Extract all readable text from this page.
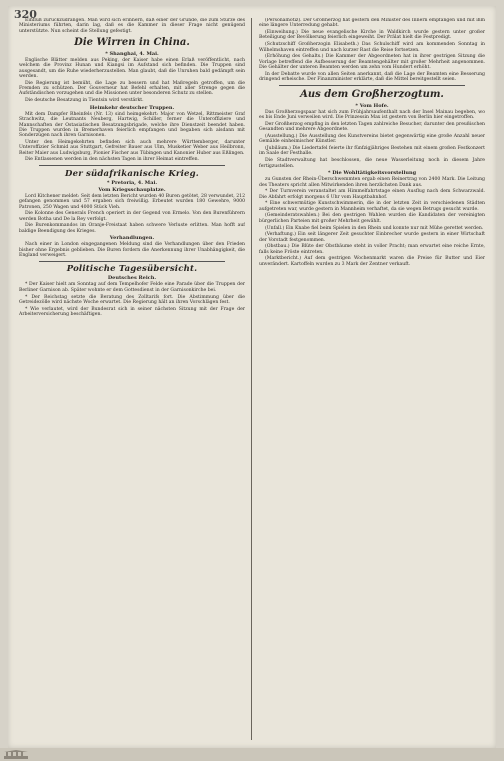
320

Einfluß zurückzudrängen. Man wird sich erinnern, daß einer der Gründe, die zum Sturze des Ministeriums führten, darin lag, daß es die Kammer in dieser Frage nicht genügend unterstützte. Nun scheint die Stellung gefestigt.

Die Wirren in China.
* Shanghai, 4. Mai.

Englische Blätter melden aus Peking, der Kaiser habe einen Erlaß veröffentlicht, nach welchem die Provinz Hunan und Kiangsi im Aufstand sich befinden. Die Truppen sind ausgesandt, um die Ruhe wiederherzustellen. Man glaubt, daß die Unruhen bald gedämpft sein werden.

Die Regierung ist bemüht, die Lage zu bessern und hat Maßregeln getroffen, um die Fremden zu schützen. Der Gouverneur hat Befehl erhalten, mit aller Strenge gegen die Aufständischen vorzugehen und die Missionen unter besonderen Schutz zu stellen.

Die deutsche Besatzung in Tientsin wird verstärkt.

Heimkehr deutscher Truppen.

Mit dem Dampfer Rheinfels (Nr. 13) sind heimgekehrt: Major von Wetzel, Rittmeister Graf Strachwitz, die Leutnants Neuberg, Hartwig, Schiller, ferner die Unteroffiziere und Mannschaften der Ostasiatischen Besatzungsbrigade, welche ihre Dienstzeit beendet haben. Die Truppen wurden in Bremerhaven feierlich empfangen und begaben sich alsdann mit Sonderzügen nach ihren Garnisonen.

Unter den Heimgekehrten befinden sich auch mehrere Württemberger, darunter Unteroffizier Schmid aus Stuttgart, Gefreiter Bauer aus Ulm, Musketier Weber aus Heilbronn, Reiter Maier aus Ludwigsburg, Pionier Fischer aus Tübingen und Kanonier Huber aus Eßlingen.

Die Entlassenen werden in den nächsten Tagen in ihrer Heimat eintreffen.

Der südafrikanische Krieg.
* Pretoria, 4. Mai.
Vom Kriegsschauplatze.

Lord Kitchener meldet: Seit dem letzten Bericht wurden 40 Buren getötet, 28 verwundet, 212 gefangen genommen und 57 ergaben sich freiwillig. Erbeutet wurden 180 Gewehre, 9000 Patronen, 250 Wagen und 4000 Stück Vieh.

Die Kolonne des Generals French operiert in der Gegend von Ermelo. Von den Burenführern werden Botha und De la Rey verfolgt.

Die Burenkommandos im Oranje-Freistaat haben schwere Verluste erlitten. Man hofft auf baldige Beendigung des Krieges.

Verhandlungen.

Nach einer in London eingegangenen Meldung sind die Verhandlungen über den Frieden bisher ohne Ergebnis geblieben. Die Buren fordern die Anerkennung ihrer Unabhängigkeit, die England verweigert.

Politische Tagesübersicht.
Deutsches Reich.

* Der Kaiser hielt am Sonntag auf dem Tempelhofer Felde eine Parade über die Truppen der Berliner Garnison ab. Später wohnte er dem Gottesdienst in der Garnisonkirche bei.

* Der Reichstag setzte die Beratung des Zolltarifs fort. Die Abstimmung über die Getreidezölle wird nächste Woche erwartet. Die Regierung hält an ihren Vorschlägen fest.

* Wie verlautet, wird der Bundesrat sich in seiner nächsten Sitzung mit der Frage der Arbeiterversicherung beschäftigen.

(Personalnotiz). Der Großherzog hat gestern den Minister des Innern empfangen und mit ihm eine längere Unterredung gehabt.

(Einweihung.) Die neue evangelische Kirche in Waldkirch wurde gestern unter großer Beteiligung der Bevölkerung feierlich eingeweiht. Der Prälat hielt die Festpredigt.

(Schutzschiff Großherzogin Elisabeth.) Das Schulschiff wird am kommenden Sonntag in Wilhelmshaven eintreffen und nach kurzer Rast die Reise fortsetzen.

(Erhöhung des Gehalts.) Die Kammer der Abgeordneten hat in ihrer gestrigen Sitzung die Vorlage betreffend die Aufbesserung der Beamtengehälter mit großer Mehrheit angenommen. Die Gehälter der unteren Beamten werden um zehn vom Hundert erhöht.

In der Debatte wurde von allen Seiten anerkannt, daß die Lage der Beamten eine Besserung dringend erheische. Der Finanzminister erklärte, daß die Mittel bereitgestellt seien.

Aus dem Großherzogtum.
* Vom Hofe.

Das Großherzogspaar hat sich zum Frühjahrsaufenthalt nach der Insel Mainau begeben, wo es bis Ende Juni verweilen wird. Die Prinzessin Max ist gestern von Berlin hier eingetroffen.

Der Großherzog empfing in den letzten Tagen zahlreiche Besucher, darunter den preußischen Gesandten und mehrere Abgeordnete.

(Ausstellung.) Die Ausstellung des Kunstvereins bietet gegenwärtig eine große Anzahl neuer Gemälde einheimischer Künstler.

(Jubiläum.) Die Liedertafel feierte ihr fünfzigjähriges Bestehen mit einem großen Festkonzert im Saale der Festhalle.

Die Stadtverwaltung hat beschlossen, die neue Wasserleitung noch in diesem Jahre fertigzustellen.

* Die Wohltätigkeitsvorstellung

zu Gunsten der Rhein-Überschwemmten ergab einen Reinertrag von 2400 Mark. Die Leitung des Theaters spricht allen Mitwirkenden ihren herzlichsten Dank aus.

* Der Turnverein veranstaltet am Himmelfahrtstage einen Ausflug nach dem Schwarzwald. Die Abfahrt erfolgt morgens 6 Uhr vom Hauptbahnhof.

* Eine schwermütige Kunstschwimmerin, die in der letzten Zeit in verschiedenen Städten aufgetreten war, wurde gestern in Mannheim verhaftet, da sie wegen Betrugs gesucht wurde.

(Gemeinderatswahlen.) Bei den gestrigen Wahlen wurden die Kandidaten der vereinigten bürgerlichen Parteien mit großer Mehrheit gewählt.

(Unfall.) Ein Knabe fiel beim Spielen in den Rhein und konnte nur mit Mühe gerettet werden.

(Verhaftung.) Ein seit längerer Zeit gesuchter Einbrecher wurde gestern in einer Wirtschaft der Vorstadt festgenommen.

(Obstbau.) Die Blüte der Obstbäume steht in voller Pracht; man erwartet eine reiche Ernte, falls keine Fröste eintreten.

(Marktbericht.) Auf dem gestrigen Wochenmarkt waren die Preise für Butter und Eier unverändert. Kartoffeln wurden zu 3 Mark der Zentner verkauft.
